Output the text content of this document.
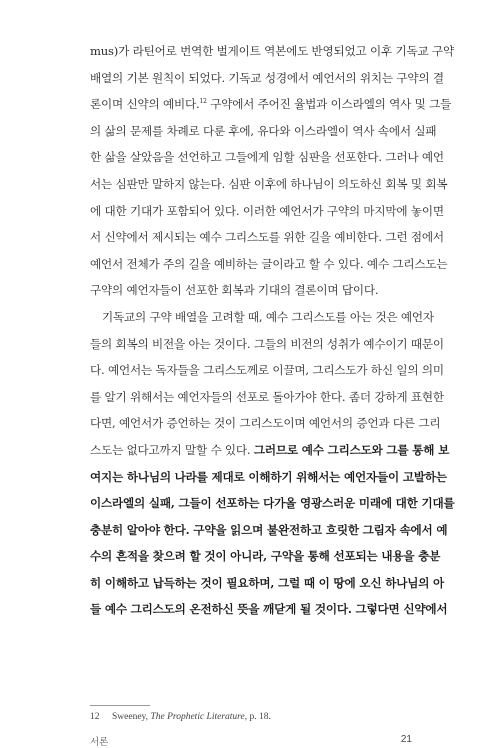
mus)가 라틴어로 번역한 벌게이트 역본에도 반영되었고 이후 기독교 구약
배열의 기본 원칙이 되었다. 기독교 성경에서 예언서의 위치는 구약의 결
론이며 신약의 예비다.$^{12}$ 구약에서 주어진 율법과 이스라엘의 역사 및 그들
의 삶의 문제를 차례로 다룬 후에, 유다와 이스라엘이 역사 속에서 실패
한 삶을 살았음을 선언하고 그들에게 임할 심판을 선포한다. 그러나 예언
서는 심판만 말하지 않는다. 심판 이후에 하나님이 의도하신 회복 및 회복
에 대한 기대가 포함되어 있다. 이러한 예언서가 구약의 마지막에 놓이면
서 신약에서 제시되는 예수 그리스도를 위한 길을 예비한다. 그런 점에서
예언서 전체가 주의 길을 예비하는 글이라고 할 수 있다. 예수 그리스도는
구약의 예언자들이 선포한 회복과 기대의 결론이며 답이다.
기독교의 구약 배열을 고려할 때, 예수 그리스도를 아는 것은 예언자
들의 회복의 비전을 아는 것이다. 그들의 비전의 성취가 예수이기 때문이
다. 예언서는 독자들을 그리스도께로 이끌며, 그리스도가 하신 일의 의미
를 알기 위해서는 예언자들의 선포로 돌아가야 한다. 좀더 강하게 표현한
다면, 예언서가 증언하는 것이 그리스도이며 예언서의 증언과 다른 그리
스도는 없다고까지 말할 수 있다. 그러므로 예수 그리스도와 그를 통해 보
여지는 하나님의 나라를 제대로 이해하기 위해서는 예언자들이 고발하는
이스라엘의 실패, 그들이 선포하는 다가올 영광스러운 미래에 대한 기대를
충분히 알아야 한다. 구약을 읽으며 불완전하고 흐릿한 그림자 속에서 예
수의 흔적을 찾으려 할 것이 아니라, 구약을 통해 선포되는 내용을 충분
히 이해하고 납득하는 것이 필요하며, 그럴 때 이 땅에 오신 하나님의 아
들 예수 그리스도의 온전하신 뜻을 깨닫게 될 것이다. 그렇다면 신약에서
12 Sweeney, The Prophetic Literature, p. 18.
서론	21
